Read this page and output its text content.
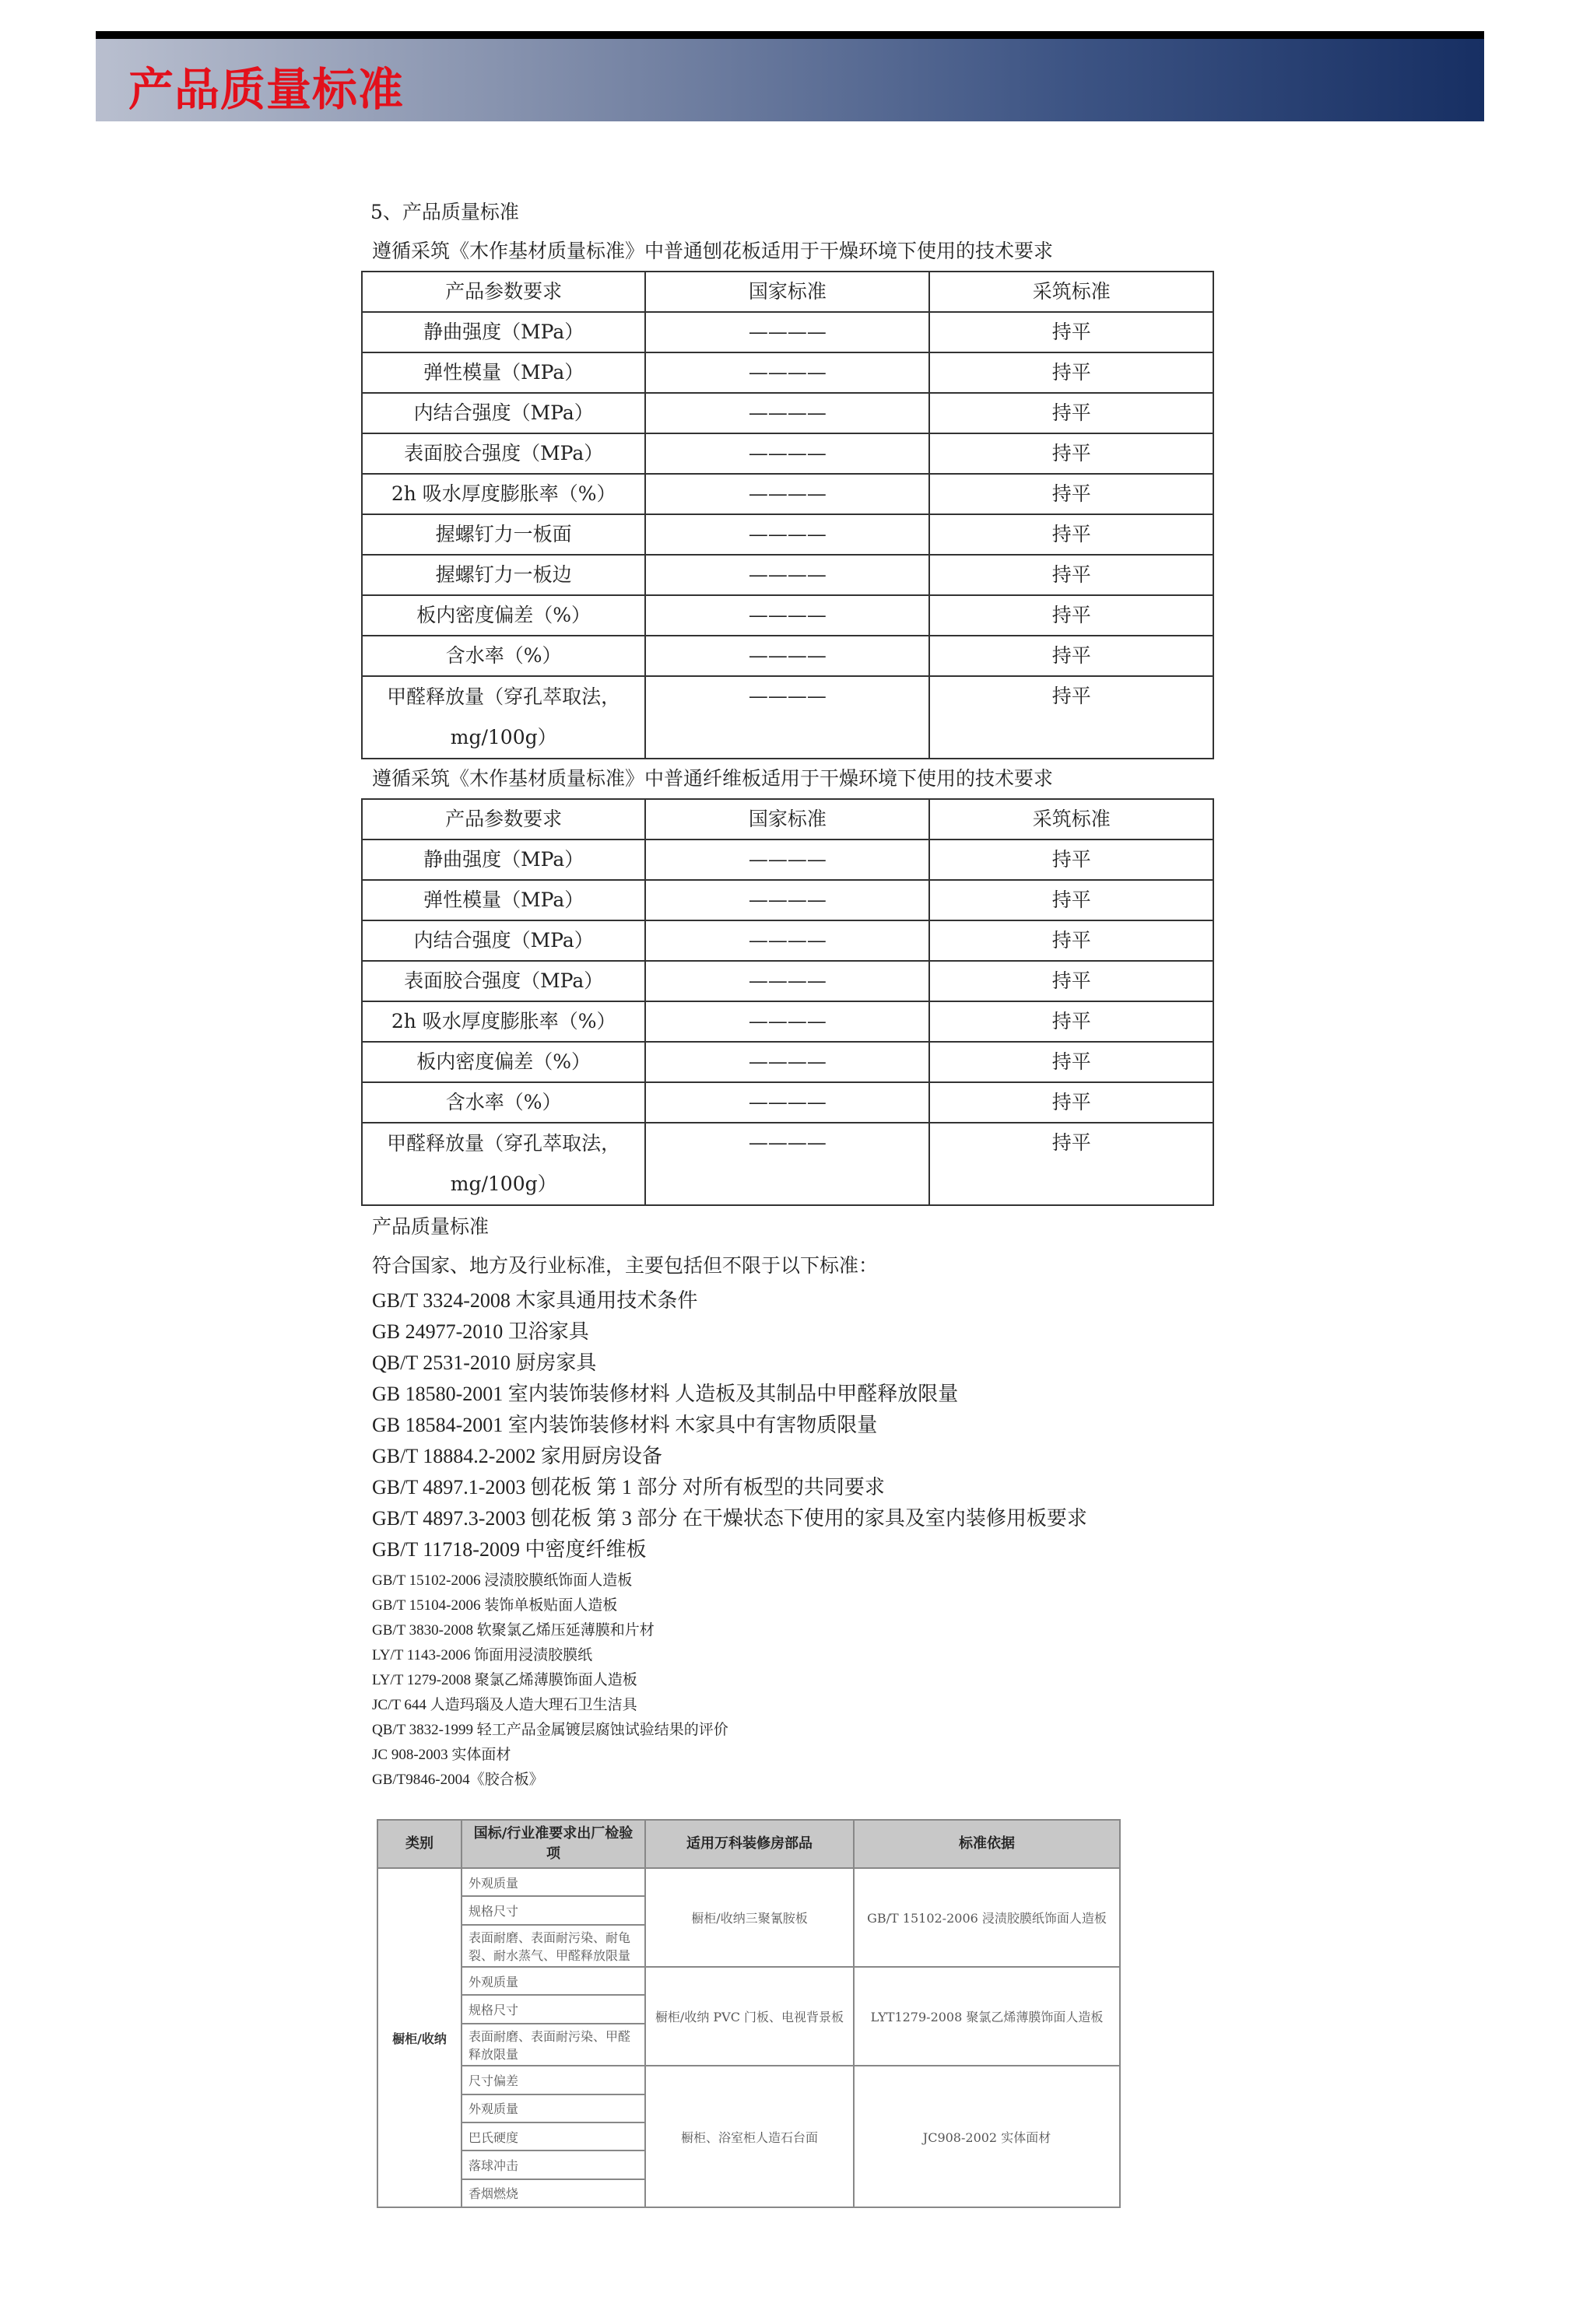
产品质量标准
5、产品质量标准
遵循采筑《木作基材质量标准》中普通刨花板适用于干燥环境下使用的技术要求
产品参数要求	国家标准	采筑标准
静曲强度（MPa）	————	持平
弹性模量（MPa）	————	持平
内结合强度（MPa）	————	持平
表面胶合强度（MPa）	————	持平
2h 吸水厚度膨胀率（%）	————	持平
握螺钉力一板面	————	持平
握螺钉力一板边	————	持平
板内密度偏差（%）	————	持平
含水率（%）	————	持平

甲醛释放量（穿孔萃取法，
mg/100g）	————	持平
遵循采筑《木作基材质量标准》中普通纤维板适用于干燥环境下使用的技术要求
产品参数要求	国家标准	采筑标准
静曲强度（MPa）	————	持平
弹性模量（MPa）	————	持平
内结合强度（MPa）	————	持平
表面胶合强度（MPa）	————	持平
2h 吸水厚度膨胀率（%）	————	持平
板内密度偏差（%）	————	持平
含水率（%）	————	持平

甲醛释放量（穿孔萃取法，
mg/100g）	————	持平
产品质量标准
符合国家、地方及行业标准，主要包括但不限于以下标准：
GB/T 3324-2008 木家具通用技术条件
GB 24977-2010 卫浴家具
QB/T 2531-2010 厨房家具
GB 18580-2001 室内装饰装修材料 人造板及其制品中甲醛释放限量
GB 18584-2001 室内装饰装修材料 木家具中有害物质限量
GB/T 18884.2-2002 家用厨房设备
GB/T 4897.1-2003 刨花板 第 1 部分 对所有板型的共同要求
GB/T 4897.3-2003 刨花板 第 3 部分 在干燥状态下使用的家具及室内装修用板要求
GB/T 11718-2009 中密度纤维板
GB/T 15102-2006 浸渍胶膜纸饰面人造板
GB/T 15104-2006 装饰单板贴面人造板
GB/T 3830-2008 软聚氯乙烯压延薄膜和片材
LY/T 1143-2006 饰面用浸渍胶膜纸
LY/T 1279-2008 聚氯乙烯薄膜饰面人造板
JC/T 644 人造玛瑙及人造大理石卫生洁具
QB/T 3832-1999 轻工产品金属镀层腐蚀试验结果的评价
JC 908-2003 实体面材
GB/T9846-2004《胶合板》
类别	国标/行业准要求出厂检验项	适用万科装修房部品	标准依据
橱柜/收纳	外观质量	橱柜/收纳三聚氰胺板	GB/T 15102-2006 浸渍胶膜纸饰面人造板
	规格尺寸		
	表面耐磨、表面耐污染、耐龟裂、耐水蒸气、甲醛释放限量		
	外观质量	橱柜/收纳 PVC 门板、电视背景板	LYT1279-2008 聚氯乙烯薄膜饰面人造板
	规格尺寸		
	表面耐磨、表面耐污染、甲醛释放限量		
	尺寸偏差	橱柜、浴室柜人造石台面	JC908-2002 实体面材
	外观质量		
	巴氏硬度		
	落球冲击		
	香烟燃烧		
